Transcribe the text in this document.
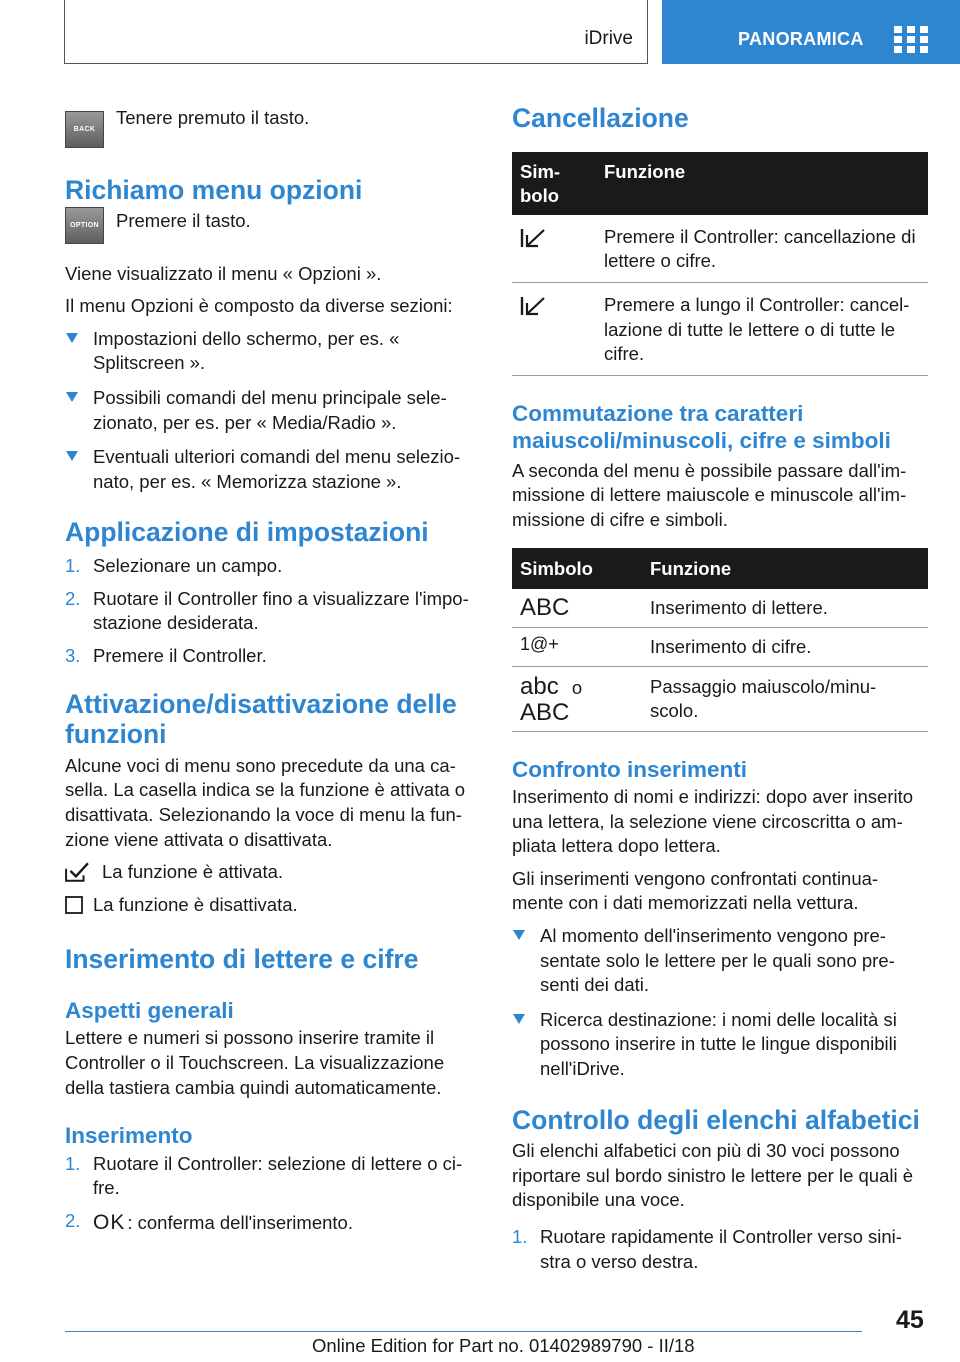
iDrive	PANORAMICA
BACK

Tenere premuto il tasto.

Richiamo menu opzioni
OPTION Premere il tasto.

Viene visualizzato il menu « Opzioni ».

Il menu Opzioni è composto da diverse sezioni:

Impostazioni dello schermo, per es. « Splitscreen ».
Possibili comandi del menu principale sele‐zionato, per es. per « Media/Radio ».
Eventuali ulteriori comandi del menu selezio‐nato, per es. « Memorizza stazione ».
Applicazione di impostazioni
1. Selezionare un campo.
2. Ruotare il Controller fino a visualizzare l'impo‐stazione desiderata.
3. Premere il Controller.
Attivazione/disattivazione delle funzioni

Alcune voci di menu sono precedute da una ca‐sella. La casella indica se la funzione è attivata o disattivata. Selezionando la voce di menu la fun‐zione viene attivata o disattivata.

La funzione è attivata.
La funzione è disattivata.
Inserimento di lettere e cifre
Aspetti generali

Lettere e numeri si possono inserire tramite il Controller o il Touchscreen. La visualizzazione della tastiera cambia quindi automaticamente.

Inserimento
1. Ruotare il Controller: selezione di lettere o ci‐fre.
2. OK : conferma dell'inserimento.
Cancellazione
Sim‐bolo	Funzione

	Premere il Controller: cancellazione di lettere o cifre.

	Premere a lungo il Controller: cancel‐lazione di tutte le lettere o di tutte le cifre.
Commutazione tra caratteri maiuscoli/minuscoli, cifre e simboli

A seconda del menu è possibile passare dall'im‐missione di lettere maiuscole e minuscole all'im‐missione di cifre e simboli.

Simbolo	Funzione

ABC	Inserimento di lettere.

1@+	Inserimento di cifre.

abc o
ABC	Passaggio maiuscolo/minu‐scolo.
Confronto inserimenti

Inserimento di nomi e indirizzi: dopo aver inserito una lettera, la selezione viene circoscritta o am‐pliata lettera dopo lettera.

Gli inserimenti vengono confrontati continua‐mente con i dati memorizzati nella vettura.

Al momento dell'inserimento vengono pre‐sentate solo le lettere per le quali sono pre‐senti dei dati.
Ricerca destinazione: i nomi delle località si possono inserire in tutte le lingue disponibili nell'iDrive.
Controllo degli elenchi alfabetici

Gli elenchi alfabetici con più di 30 voci possono riportare sul bordo sinistro le lettere per le quali è disponibile una voce.

1. Ruotare rapidamente il Controller verso sini‐stra o verso destra.
45
Online Edition for Part no. 01402989790 - II/18
